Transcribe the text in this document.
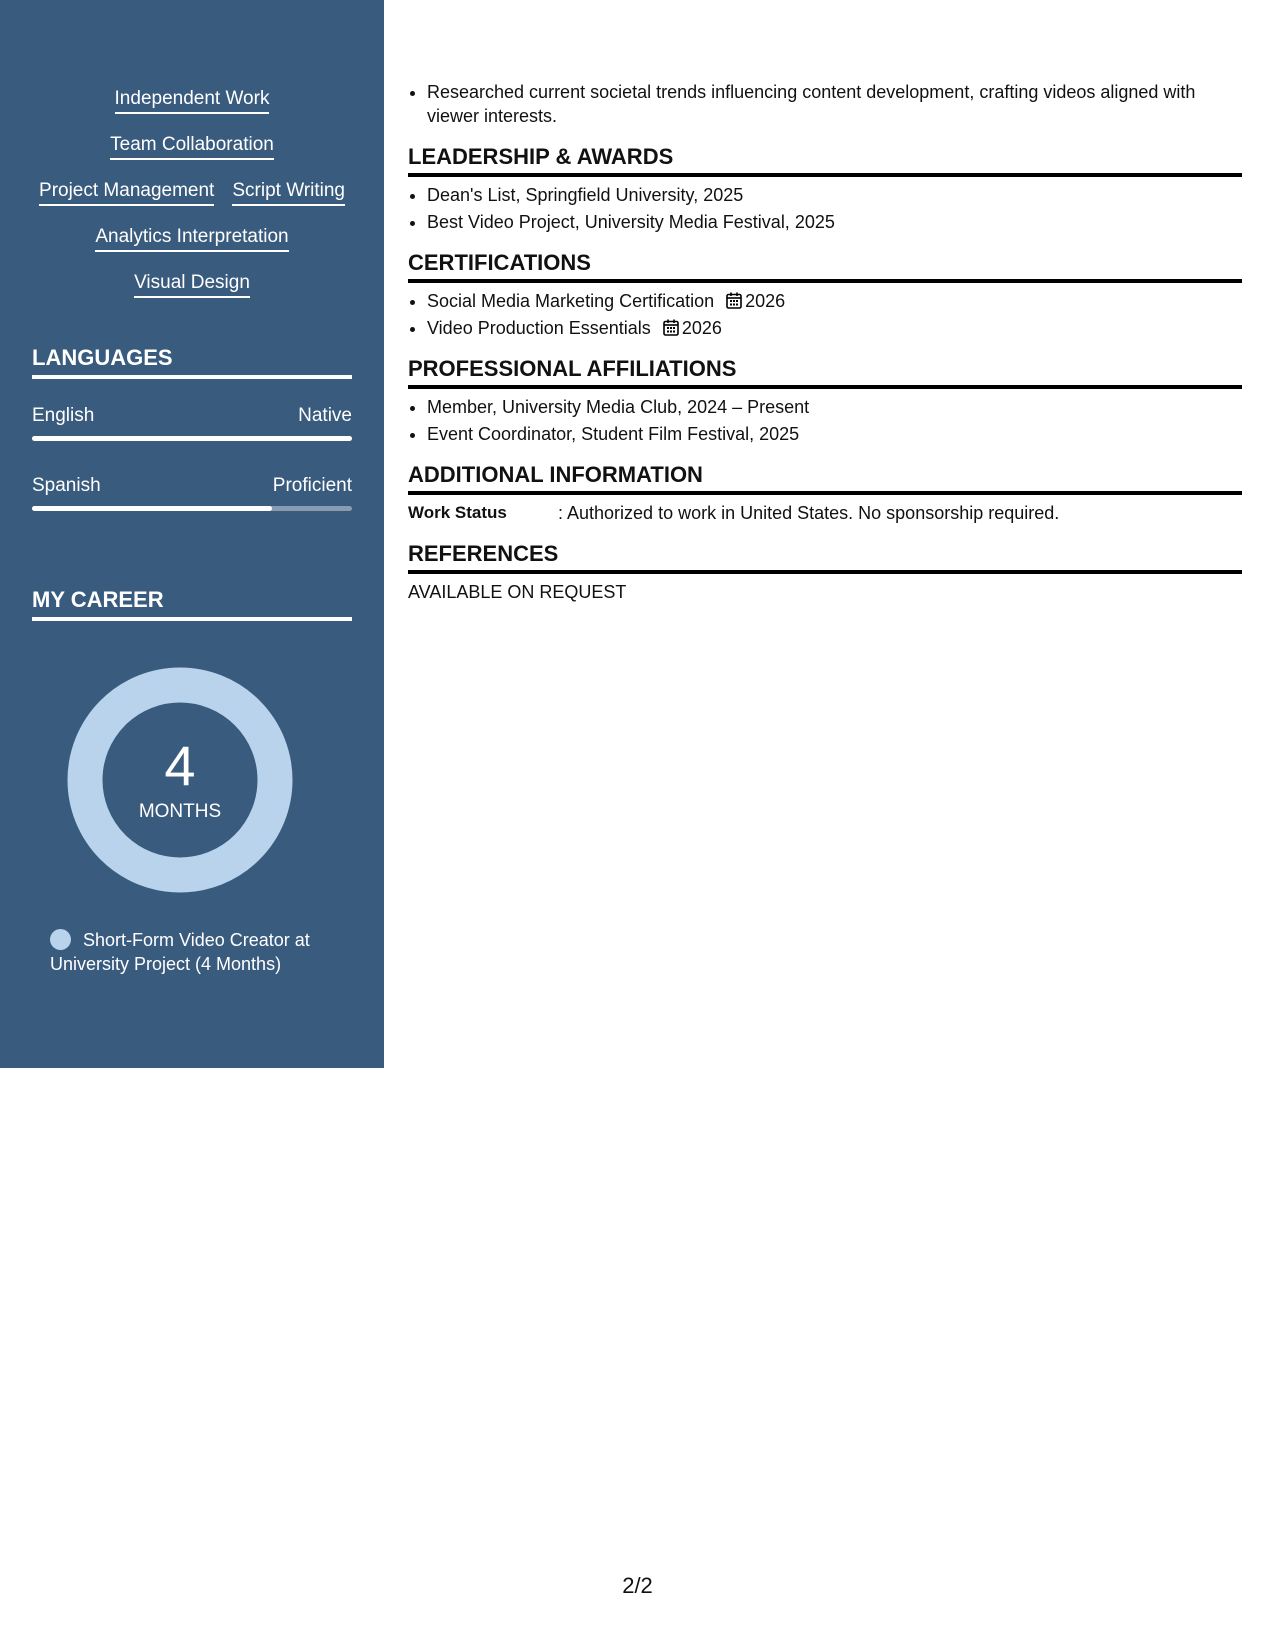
Independent Work
Team Collaboration
Project Management Script Writing
Analytics Interpretation
Visual Design
LANGUAGES
English	Native
Spanish	Proficient
MY CAREER
4
MONTHS
Short-Form Video Creator at University Project (4 Months)
• Researched current societal trends influencing content development, crafting videos aligned with viewer interests.
LEADERSHIP & AWARDS
• Dean's List, Springfield University, 2025
• Best Video Project, University Media Festival, 2025
CERTIFICATIONS
• Social Media Marketing Certification 2026
• Video Production Essentials 2026
PROFESSIONAL AFFILIATIONS
• Member, University Media Club, 2024 – Present
• Event Coordinator, Student Film Festival, 2025
ADDITIONAL INFORMATION
Work Status	: Authorized to work in United States. No sponsorship required.
REFERENCES
AVAILABLE ON REQUEST
2/2
